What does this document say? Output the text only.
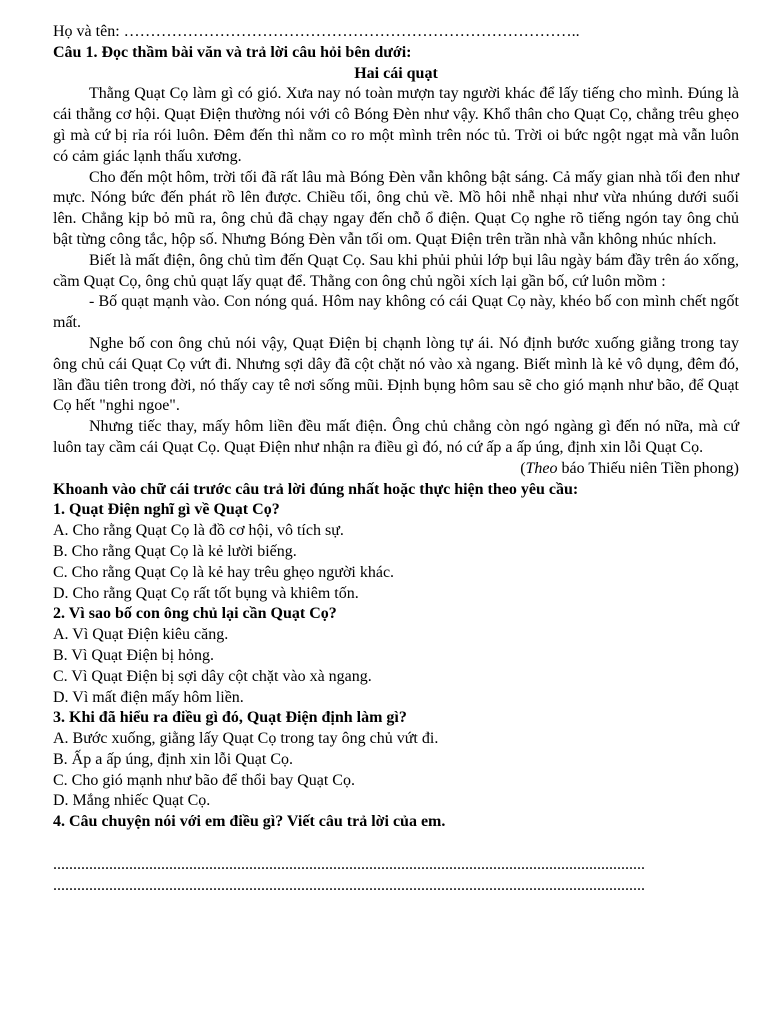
Họ và tên: …………………………………………………………………………..
Câu 1. Đọc thầm bài văn và trả lời câu hỏi bên dưới:
Hai cái quạt

Thằng Quạt Cọ làm gì có gió. Xưa nay nó toàn mượn tay người khác để lấy tiếng cho mình. Đúng là cái thằng cơ hội. Quạt Điện thường nói với cô Bóng Đèn như vậy. Khổ thân cho Quạt Cọ, chẳng trêu ghẹo gì mà cứ bị rỉa rói luôn. Đêm đến thì nằm co ro một mình trên nóc tủ. Trời oi bức ngột ngạt mà vẫn luôn có cảm giác lạnh thấu xương.

Cho đến một hôm, trời tối đã rất lâu mà Bóng Đèn vẫn không bật sáng. Cả mấy gian nhà tối đen như mực. Nóng bức đến phát rồ lên được. Chiều tối, ông chủ về. Mồ hôi nhễ nhại như vừa nhúng dưới suối lên. Chẳng kịp bỏ mũ ra, ông chủ đã chạy ngay đến chỗ ổ điện. Quạt Cọ nghe rõ tiếng ngón tay ông chủ bật từng công tắc, hộp số. Nhưng Bóng Đèn vẫn tối om. Quạt Điện trên trần nhà vẫn không nhúc nhích.

Biết là mất điện, ông chủ tìm đến Quạt Cọ. Sau khi phủi phủi lớp bụi lâu ngày bám đầy trên áo xống, cầm Quạt Cọ, ông chủ quạt lấy quạt để. Thằng con ông chủ ngồi xích lại gần bố, cứ luôn mồm :

- Bố quạt mạnh vào. Con nóng quá. Hôm nay không có cái Quạt Cọ này, khéo bố con mình chết ngốt mất.

Nghe bố con ông chủ nói vậy, Quạt Điện bị chạnh lòng tự ái. Nó định bước xuống giằng trong tay ông chủ cái Quạt Cọ vứt đi. Nhưng sợi dây đã cột chặt nó vào xà ngang. Biết mình là kẻ vô dụng, đêm đó, lần đầu tiên trong đời, nó thấy cay tê nơi sống mũi. Định bụng hôm sau sẽ cho gió mạnh như bão, để Quạt Cọ hết "nghi ngoe".

Nhưng tiếc thay, mấy hôm liền đều mất điện. Ông chủ chẳng còn ngó ngàng gì đến nó nữa, mà cứ luôn tay cầm cái Quạt Cọ. Quạt Điện như nhận ra điều gì đó, nó cứ ấp a ấp úng, định xin lỗi Quạt Cọ.

(Theo báo Thiếu niên Tiền phong)
Khoanh vào chữ cái trước câu trả lời đúng nhất hoặc thực hiện theo yêu cầu:
1. Quạt Điện nghĩ gì về Quạt Cọ?
A. Cho rằng Quạt Cọ là đồ cơ hội, vô tích sự.
B. Cho rằng Quạt Cọ là kẻ lười biếng.
C. Cho rằng Quạt Cọ là kẻ hay trêu ghẹo người khác.
D. Cho rằng Quạt Cọ rất tốt bụng và khiêm tốn.
2. Vì sao bố con ông chủ lại cần Quạt Cọ?
A. Vì Quạt Điện kiêu căng.
B. Vì Quạt Điện bị hỏng.
C. Vì Quạt Điện bị sợi dây cột chặt vào xà ngang.
D. Vì mất điện mấy hôm liền.
3. Khi đã hiểu ra điều gì đó, Quạt Điện định làm gì?
A. Bước xuống, giằng lấy Quạt Cọ trong tay ông chủ vứt đi.
B. Ấp a ấp úng, định xin lỗi Quạt Cọ.
C. Cho gió mạnh như bão để thổi bay Quạt Cọ.
D. Mắng nhiếc Quạt Cọ.
4. Câu chuyện nói với em điều gì? Viết câu trả lời của em.
....................................................................................................................................................
....................................................................................................................................................
